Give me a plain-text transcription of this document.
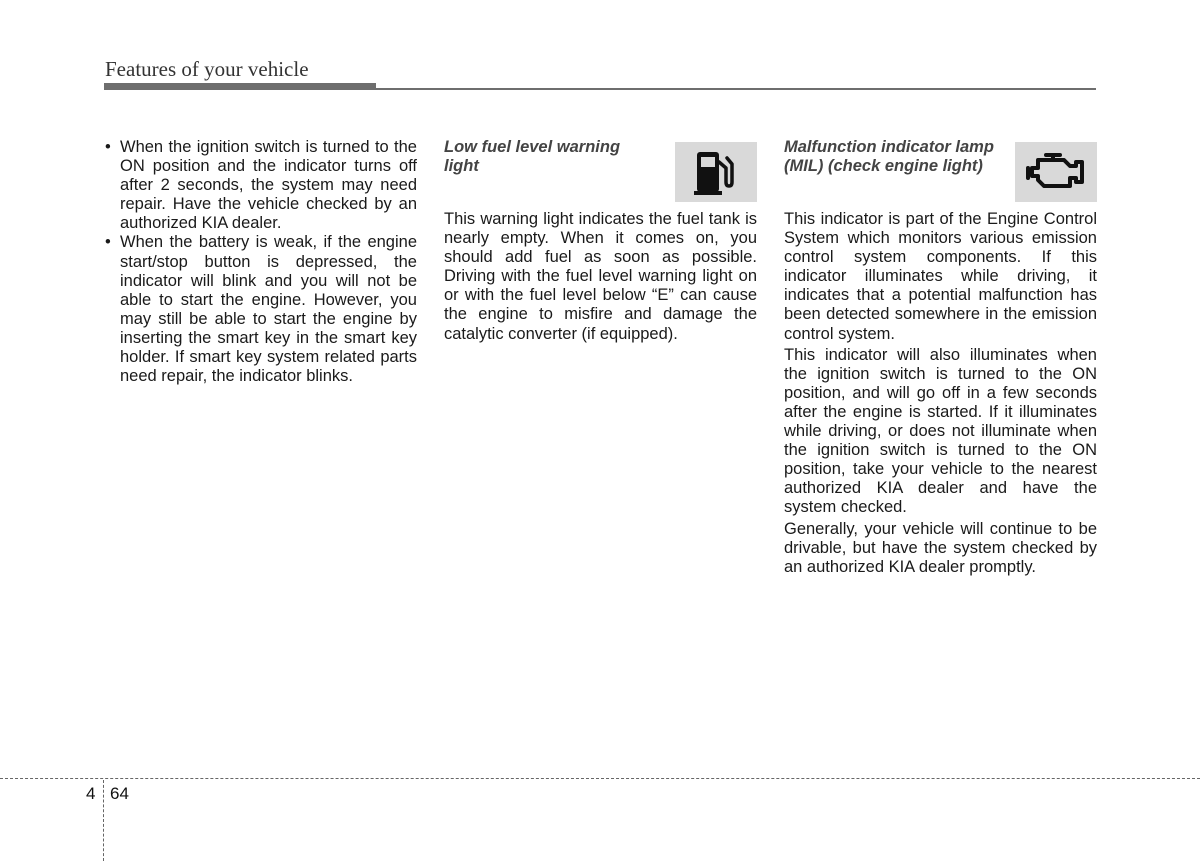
Features of your vehicle
• When the ignition switch is turned to the ON position and the indicator turns off after 2 seconds, the system may need repair. Have the vehicle checked by an authorized KIA dealer.
• When the battery is weak, if the engine start/stop button is depressed, the indicator will blink and you will not be able to start the engine. However, you may still be able to start the engine by inserting the smart key in the smart key holder. If smart key system related parts need repair, the indicator blinks.
Low fuel level warning light

This warning light indicates the fuel tank is nearly empty. When it comes on, you should add fuel as soon as possible. Driving with the fuel level warning light on or with the fuel level below “E” can cause the engine to misfire and damage the catalytic converter (if equipped).

Malfunction indicator lamp (MIL) (check engine light)

This indicator is part of the Engine Control System which monitors various emission control system components. If this indicator illuminates while driving, it indicates that a potential malfunction has been detected somewhere in the emission control system.

This indicator will also illuminates when the ignition switch is turned to the ON position, and will go off in a few seconds after the engine is started. If it illuminates while driving, or does not illuminate when the ignition switch is turned to the ON position, take your vehicle to the nearest authorized KIA dealer and have the system checked.

Generally, your vehicle will continue to be drivable, but have the system checked by an authorized KIA dealer promptly.

4 64
